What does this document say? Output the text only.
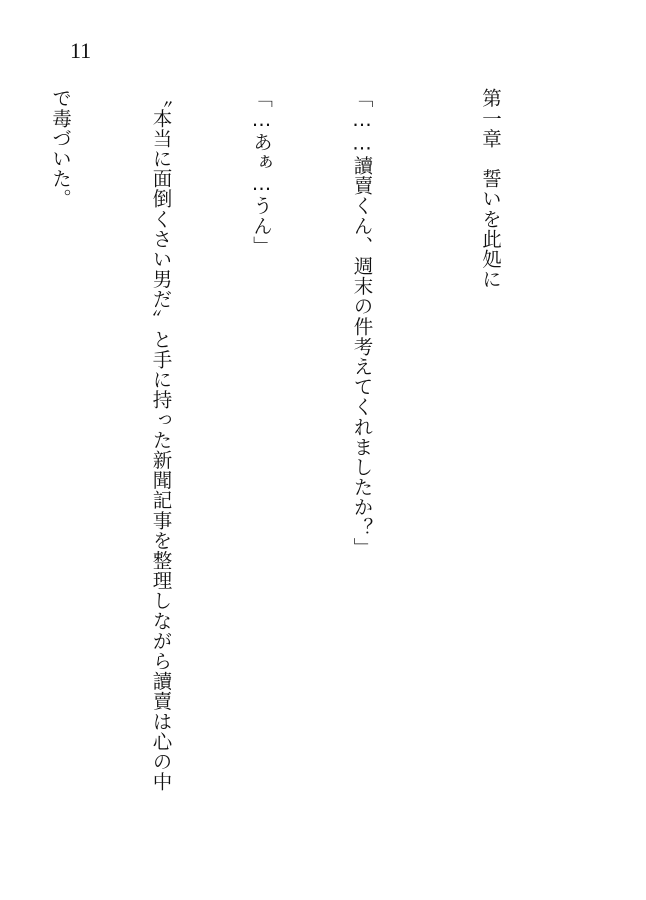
11

第一章　誓いを此処に

「……讀賣くん、週末の件考えてくれましたか？」

「…あぁ…うん」

〝本当に面倒くさい男だ〟と手に持った新聞記事を整理しながら讀賣は心の中

で毒づいた。
